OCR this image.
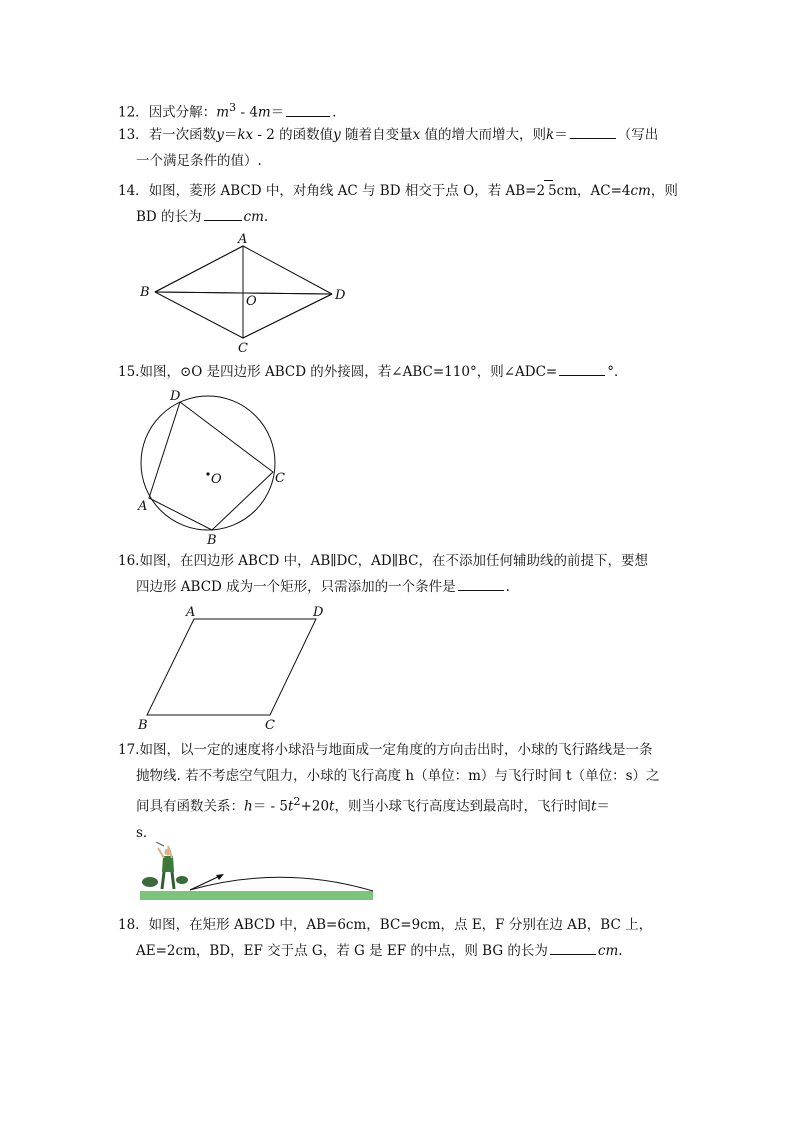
12．因式分解：$m^3 - 4m=$	．
13．若一次函数y＝kx - 2 的函数值y 随着自变量x 值的增大而增大，则k＝	（写出
一个满足条件的值）.
14．如图，菱形 ABCD 中，对角线 AC 与 BD 相交于点 O，若 AB=2 5cm，AC=4cm，则
BD 的长为	cm.
A
B
C
D
O
15.如图，⊙O 是四边形 ABCD 的外接圆，若∠ABC=110°，则∠ADC=	°．
D
C
B
A
O
16.如图，在四边形 ABCD 中，AB∥DC，AD∥BC，在不添加任何辅助线的前提下，要想
四边形 ABCD 成为一个矩形，只需添加的一个条件是	.
A	D
B	C
17.如图，以一定的速度将小球沿与地面成一定角度的方向击出时，小球的飞行路线是一条
抛物线. 若不考虑空气阻力，小球的飞行高度 h（单位：m）与飞行时间 t（单位：s）之
间具有函数关系：$h= - 5t^2+20t$，则当小球飞行高度达到最高时，飞行时间t＝
s．
18．如图，在矩形 ABCD 中，AB=6cm，BC=9cm，点 E，F 分别在边 AB，BC 上，
AE=2cm，BD，EF 交于点 G，若 G 是 EF 的中点，则 BG 的长为	cm.
